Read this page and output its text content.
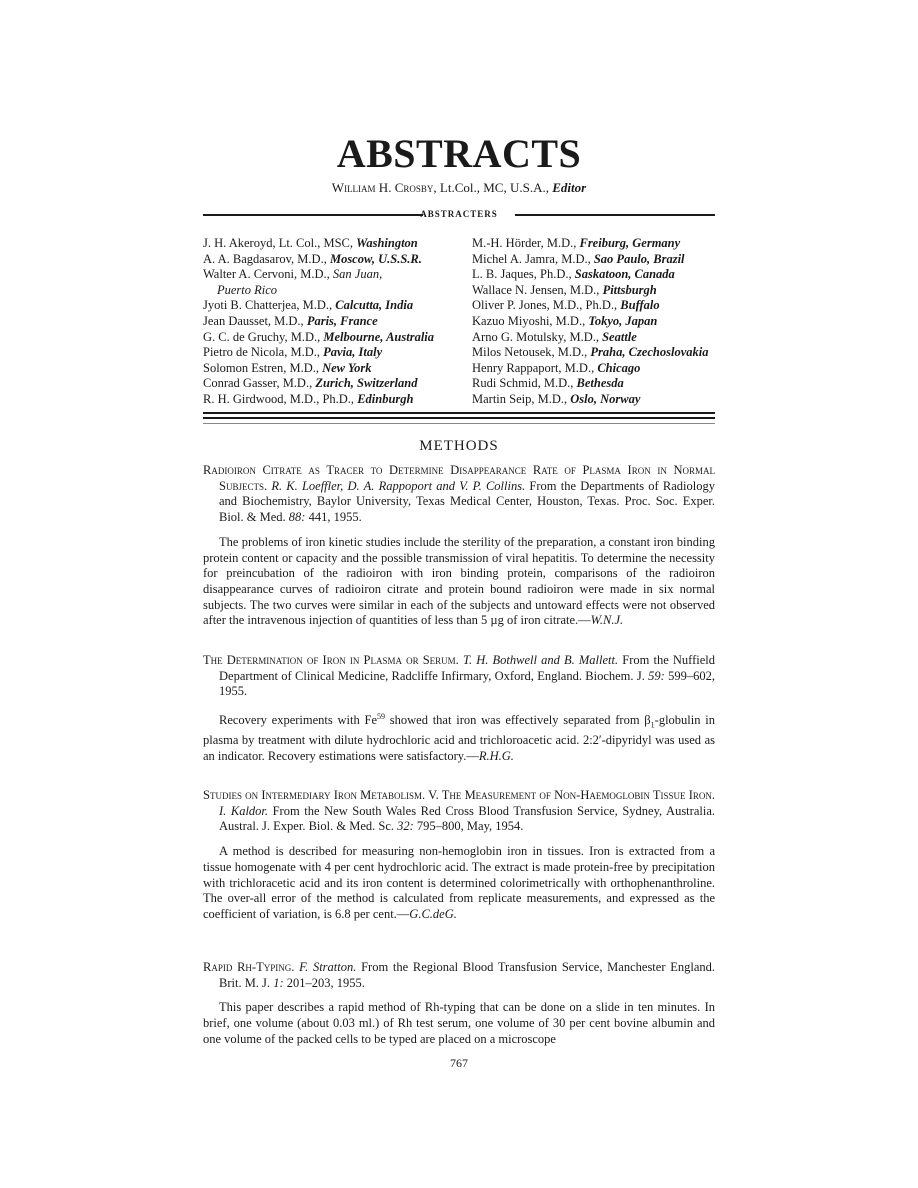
ABSTRACTS
William H. Crosby, Lt.Col., MC, U.S.A., Editor
ABSTRACTERS
J. H. Akeroyd, Lt. Col., MSC, Washington
A. A. Bagdasarov, M.D., Moscow, U.S.S.R.
Walter A. Cervoni, M.D., San Juan,
Puerto Rico
Jyoti B. Chatterjea, M.D., Calcutta, India
Jean Dausset, M.D., Paris, France
G. C. de Gruchy, M.D., Melbourne, Australia
Pietro de Nicola, M.D., Pavia, Italy
Solomon Estren, M.D., New York
Conrad Gasser, M.D., Zurich, Switzerland
R. H. Girdwood, M.D., Ph.D., Edinburgh
M.-H. Hörder, M.D., Freiburg, Germany
Michel A. Jamra, M.D., Sao Paulo, Brazil
L. B. Jaques, Ph.D., Saskatoon, Canada
Wallace N. Jensen, M.D., Pittsburgh
Oliver P. Jones, M.D., Ph.D., Buffalo
Kazuo Miyoshi, M.D., Tokyo, Japan
Arno G. Motulsky, M.D., Seattle
Milos Netousek, M.D., Praha, Czechoslovakia
Henry Rappaport, M.D., Chicago
Rudi Schmid, M.D., Bethesda
Martin Seip, M.D., Oslo, Norway
METHODS

Radioiron Citrate as Tracer to Determine Disappearance Rate of Plasma Iron in Normal Subjects. R. K. Loeffler, D. A. Rappoport and V. P. Collins. From the Departments of Radiology and Biochemistry, Baylor University, Texas Medical Center, Houston, Texas. Proc. Soc. Exper. Biol. & Med. 88: 441, 1955.

The problems of iron kinetic studies include the sterility of the preparation, a constant iron binding protein content or capacity and the possible transmission of viral hepatitis. To determine the necessity for preincubation of the radioiron with iron binding protein, comparisons of the radioiron disappearance curves of radioiron citrate and protein bound radioiron were made in six normal subjects. The two curves were similar in each of the subjects and untoward effects were not observed after the intravenous injection of quantities of less than 5 µg of iron citrate.—W.N.J.

The Determination of Iron in Plasma or Serum. T. H. Bothwell and B. Mallett. From the Nuffield Department of Clinical Medicine, Radcliffe Infirmary, Oxford, England. Biochem. J. 59: 599–602, 1955.

Recovery experiments with Fe$^{59}$ showed that iron was effectively separated from $\beta_1$-globulin in plasma by treatment with dilute hydrochloric acid and trichloroacetic acid. 2:2′-dipyridyl was used as an indicator. Recovery estimations were satisfactory.—R.H.G.

Studies on Intermediary Iron Metabolism. V. The Measurement of Non-Haemoglobin Tissue Iron. I. Kaldor. From the New South Wales Red Cross Blood Transfusion Service, Sydney, Australia. Austral. J. Exper. Biol. & Med. Sc. 32: 795–800, May, 1954.

A method is described for measuring non-hemoglobin iron in tissues. Iron is extracted from a tissue homogenate with 4 per cent hydrochloric acid. The extract is made protein-free by precipitation with trichloracetic acid and its iron content is determined colorimetrically with orthophenanthroline. The over-all error of the method is calculated from replicate measurements, and expressed as the coefficient of variation, is 6.8 per cent.—G.C.deG.

Rapid Rh-Typing. F. Stratton. From the Regional Blood Transfusion Service, Manchester England. Brit. M. J. 1: 201–203, 1955.

This paper describes a rapid method of Rh-typing that can be done on a slide in ten minutes. In brief, one volume (about 0.03 ml.) of Rh test serum, one volume of 30 per cent bovine albumin and one volume of the packed cells to be typed are placed on a microscope

767
